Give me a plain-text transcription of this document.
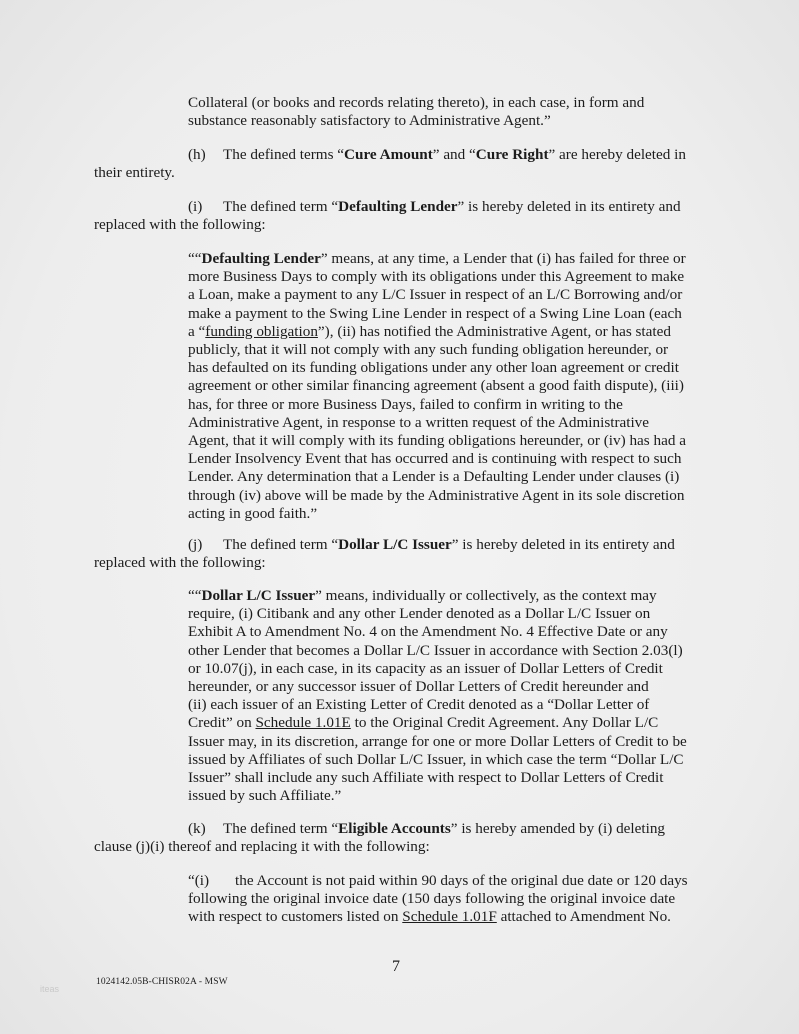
Collateral (or books and records relating thereto), in each case, in form and
substance reasonably satisfactory to Administrative Agent.”

(h) The defined terms “Cure Amount” and “Cure Right” are hereby deleted in
their entirety.

(i) The defined term “Defaulting Lender” is hereby deleted in its entirety and
replaced with the following:

““Defaulting Lender” means, at any time, a Lender that (i) has failed for three or
more Business Days to comply with its obligations under this Agreement to make
a Loan, make a payment to any L/C Issuer in respect of an L/C Borrowing and/or
make a payment to the Swing Line Lender in respect of a Swing Line Loan (each
a “funding obligation”), (ii) has notified the Administrative Agent, or has stated
publicly, that it will not comply with any such funding obligation hereunder, or
has defaulted on its funding obligations under any other loan agreement or credit
agreement or other similar financing agreement (absent a good faith dispute), (iii)
has, for three or more Business Days, failed to confirm in writing to the
Administrative Agent, in response to a written request of the Administrative
Agent, that it will comply with its funding obligations hereunder, or (iv) has had a
Lender Insolvency Event that has occurred and is continuing with respect to such
Lender. Any determination that a Lender is a Defaulting Lender under clauses (i)
through (iv) above will be made by the Administrative Agent in its sole discretion
acting in good faith.”

(j) The defined term “Dollar L/C Issuer” is hereby deleted in its entirety and
replaced with the following:

““Dollar L/C Issuer” means, individually or collectively, as the context may
require, (i) Citibank and any other Lender denoted as a Dollar L/C Issuer on
Exhibit A to Amendment No. 4 on the Amendment No. 4 Effective Date or any
other Lender that becomes a Dollar L/C Issuer in accordance with Section 2.03(l)
or 10.07(j), in each case, in its capacity as an issuer of Dollar Letters of Credit
hereunder, or any successor issuer of Dollar Letters of Credit hereunder and
(ii) each issuer of an Existing Letter of Credit denoted as a “Dollar Letter of
Credit” on Schedule 1.01E to the Original Credit Agreement. Any Dollar L/C
Issuer may, in its discretion, arrange for one or more Dollar Letters of Credit to be
issued by Affiliates of such Dollar L/C Issuer, in which case the term “Dollar L/C
Issuer” shall include any such Affiliate with respect to Dollar Letters of Credit
issued by such Affiliate.”

(k) The defined term “Eligible Accounts” is hereby amended by (i) deleting
clause (j)(i) thereof and replacing it with the following:

“(i) the Account is not paid within 90 days of the original due date or 120 days
following the original invoice date (150 days following the original invoice date
with respect to customers listed on Schedule 1.01F attached to Amendment No.

7
1024142.05B-CHISR02A - MSW
iteas
